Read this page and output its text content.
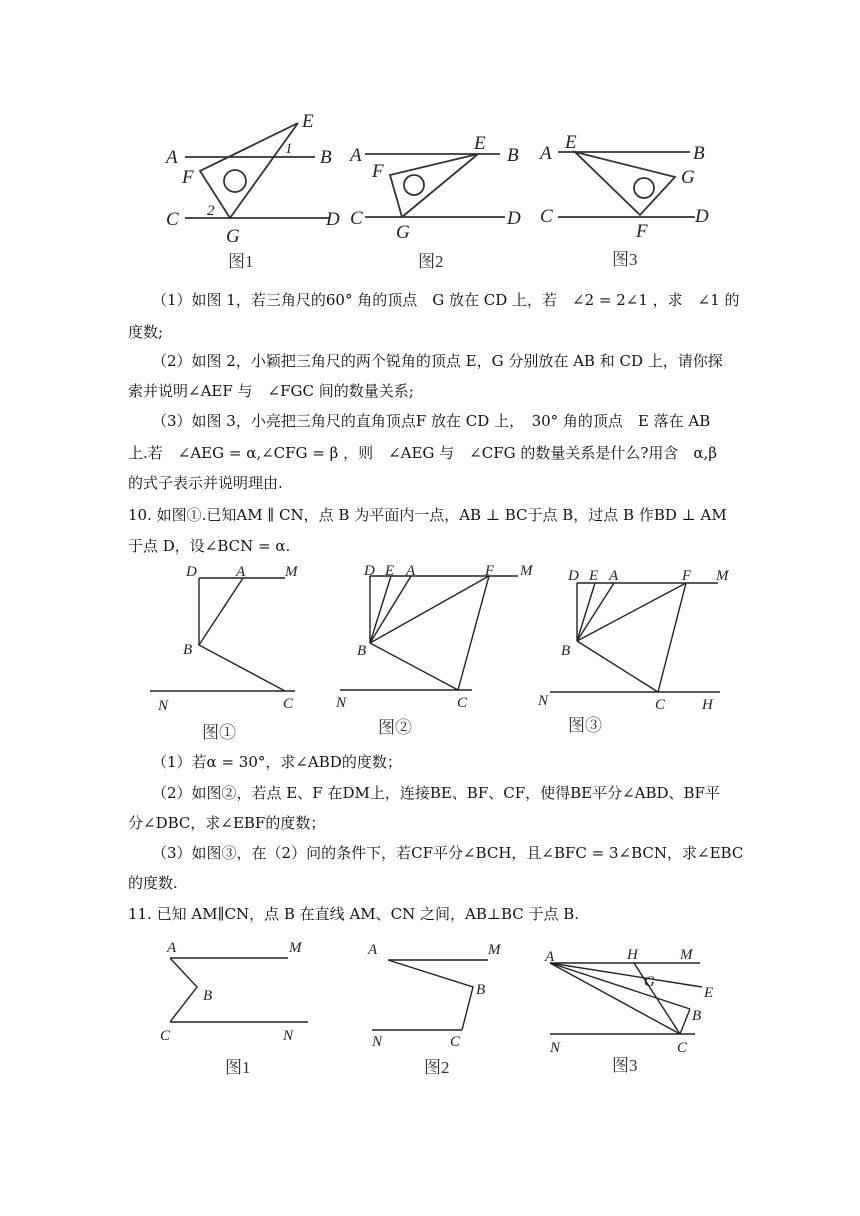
A	B
C	D
E
F
G
1
2
图1
A	B
C	D
E
F
G
图2
A	B
C	D
E
F
G
图3
（1）如图 1，若三角尺的60° 角的顶点　G 放在 CD 上，若　∠2 = 2∠1 ，求　∠1 的
度数;
（2）如图 2，小颖把三角尺的两个锐角的顶点 E，G 分别放在 AB 和 CD 上，请你探
索并说明∠AEF 与　∠FGC 间的数量关系;
（3）如图 3，小亮把三角尺的直角顶点F 放在 CD 上，　30° 角的顶点　E 落在 AB
上.若　∠AEG = α,∠CFG = β ，则　∠AEG 与　∠CFG 的数量关系是什么?用含　α,β
的式子表示并说明理由.
10. 如图①.已知AM ∥ CN，点 B 为平面内一点，AB ⊥ BC于点 B，过点 B 作BD ⊥ AM
于点 D，设∠BCN = α.
D	A	M
B
N	C
图①
D E A	F M
B
N	C
图②
D E A	F M
B
N	C H
图③
（1）若α = 30°，求∠ABD的度数；
（2）如图②，若点 E、F 在DM上，连接BE、BF、CF，使得BE平分∠ABD、BF平
分∠DBC，求∠EBF的度数；
（3）如图③，在（2）问的条件下，若CF平分∠BCH，且∠BFC = 3∠BCN，求∠EBC
的度数.
11. 已知 AM∥CN，点 B 在直线 AM、CN 之间，AB⊥BC 于点 B.
A	M
B
C	N
图1
A	M
B
N	C
图2
A	H	M
G
E
B
N	C
图3
